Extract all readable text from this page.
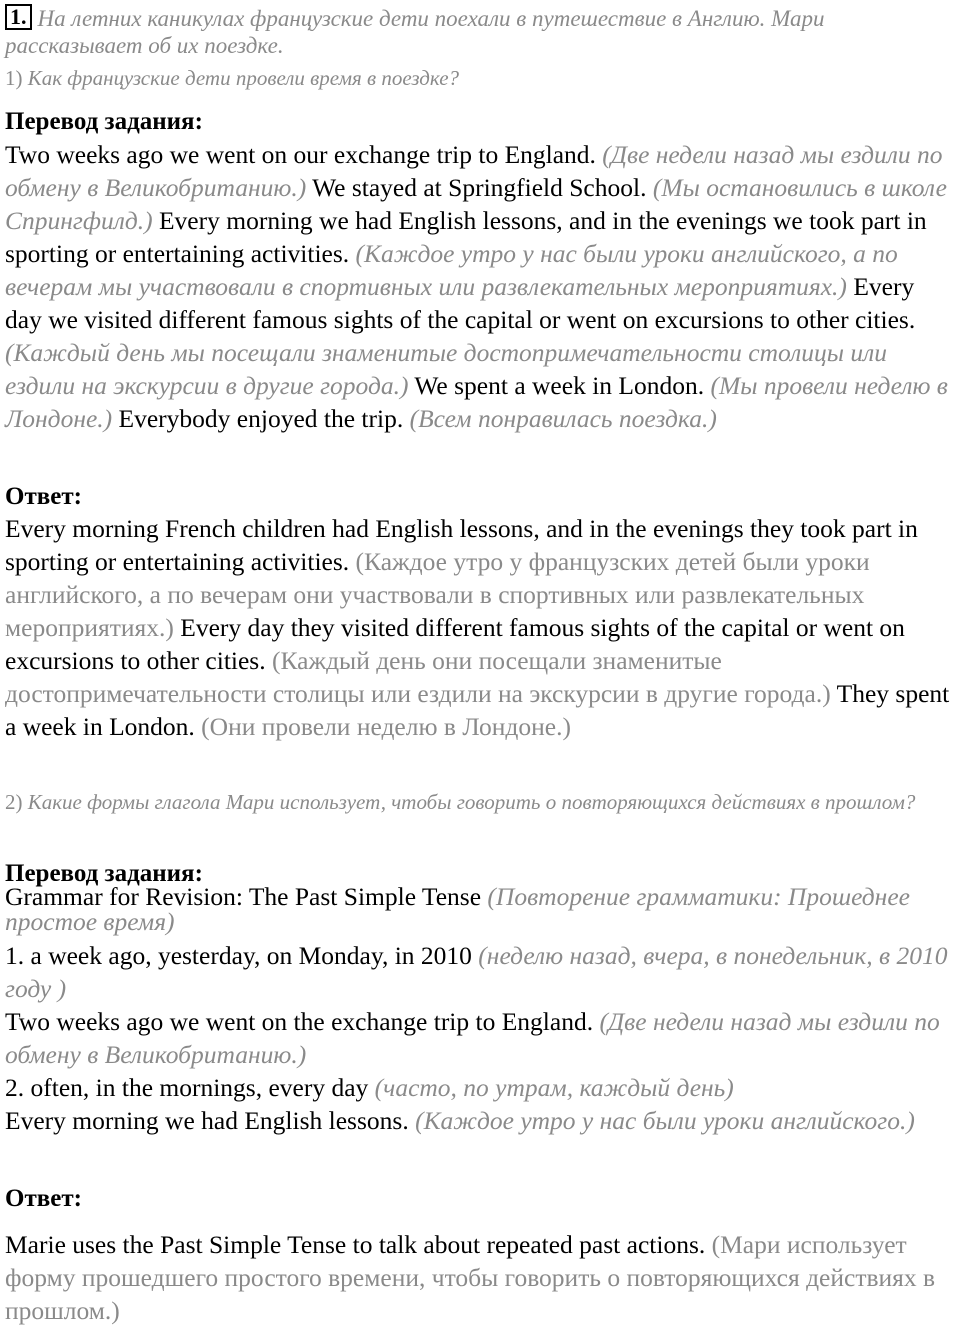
1. На летних каникулах французские дети поехали в путешествие в Англию. Мари рассказывает об их поездке.
1) Как французские дети провели время в поездке?
Перевод задания:
Two weeks ago we went on our exchange trip to England. (Две недели назад мы ездили по обмену в Великобританию.) We stayed at Springfield School. (Мы остановились в школе Спрингфилд.) Every morning we had English lessons, and in the evenings we took part in sporting or entertaining activities. (Каждое утро у нас были уроки английского, а по вечерам мы участвовали в спортивных или развлекательных мероприятиях.) Every day we visited different famous sights of the capital or went on excursions to other cities. (Каждый день мы посещали знаменитые достопримечательности столицы или ездили на экскурсии в другие города.) We spent a week in London. (Мы провели неделю в Лондоне.) Everybody enjoyed the trip. (Всем понравилась поездка.)
Ответ:
Every morning French children had English lessons, and in the evenings they took part in sporting or entertaining activities. (Каждое утро у французских детей были уроки английского, а по вечерам они участвовали в спортивных или развлекательных мероприятиях.) Every day they visited different famous sights of the capital or went on excursions to other cities. (Каждый день они посещали знаменитые достопримечательности столицы или ездили на экскурсии в другие города.) They spent a week in London. (Они провели неделю в Лондоне.)
2) Какие формы глагола Мари использует, чтобы говорить о повторяющихся действиях в прошлом?
Перевод задания:
Grammar for Revision: The Past Simple Tense (Повторение грамматики: Прошеднее простое время)
1. a week ago, yesterday, on Monday, in 2010 (неделю назад, вчера, в понедельник, в 2010 году )
Two weeks ago we went on the exchange trip to England. (Две недели назад мы ездили по обмену в Великобританию.)
2. often, in the mornings, every day (часто, по утрам, каждый день)
Every morning we had English lessons. (Каждое утро у нас были уроки английского.)
Ответ:
Marie uses the Past Simple Tense to talk about repeated past actions. (Мари использует форму прошедшего простого времени, чтобы говорить о повторяющихся действиях в прошлом.)
